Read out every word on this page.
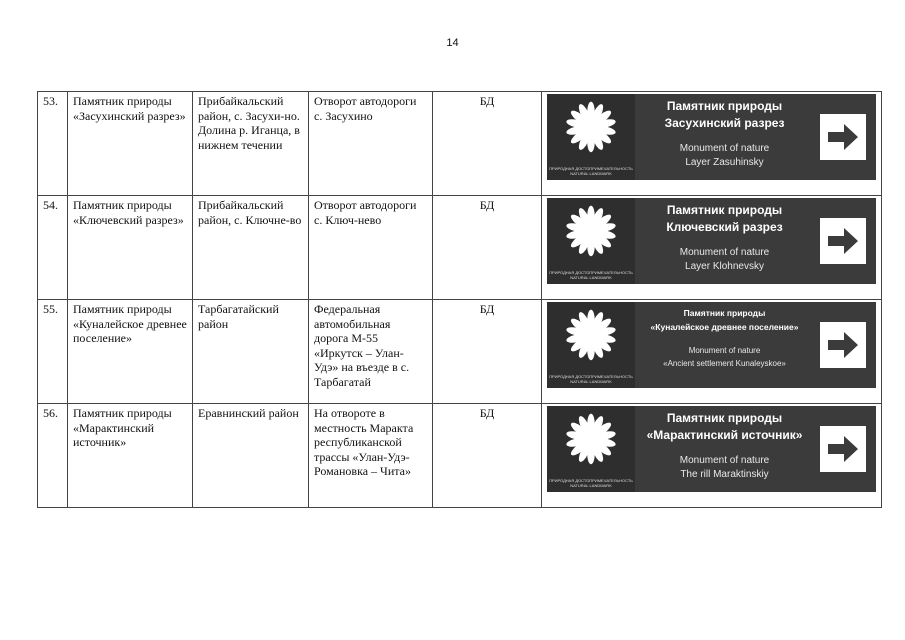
14
53.	Памятник природы «Засухинский разрез»	Прибайкальский район, с. Засухи-но. Долина р. Иганца, в нижнем течении	Отворот автодороги с. Засухино	БД	ПРИРОДНАЯ ДОСТОПРИМЕЧАТЕЛЬНОСТЬ NATURAL LANDMARK
Памятник природы
Засухинский разрез
Monument of nature
Layer Zasuhinsky

54.	Памятник природы «Ключевский разрез»	Прибайкальский район, с. Ключне-во	Отворот автодороги с. Ключ-нево	БД	ПРИРОДНАЯ ДОСТОПРИМЕЧАТЕЛЬНОСТЬ NATURAL LANDMARK
Памятник природы
Ключевский разрез
Monument of nature
Layer Klohnevsky

55.	Памятник природы «Куналейское древнее поселение»	Тарбагатайский район	Федеральная автомобильная дорога М-55 «Иркутск – Улан-Удэ» на въезде в с. Тарбагатай	БД	ПРИРОДНАЯ ДОСТОПРИМЕЧАТЕЛЬНОСТЬ NATURAL LANDMARK
Памятник природы
«Куналейское древнее поселение»
Monument of nature
«Ancient settlement Kunaleyskoe»

56.	Памятник природы «Марактинский источник»	Еравнинский район	На отвороте в местность Маракта республиканской трассы «Улан-Удэ-Романовка – Чита»	БД	ПРИРОДНАЯ ДОСТОПРИМЕЧАТЕЛЬНОСТЬ NATURAL LANDMARK
Памятник природы
«Марактинский источник»
Monument of nature
The rill Maraktinskiy
